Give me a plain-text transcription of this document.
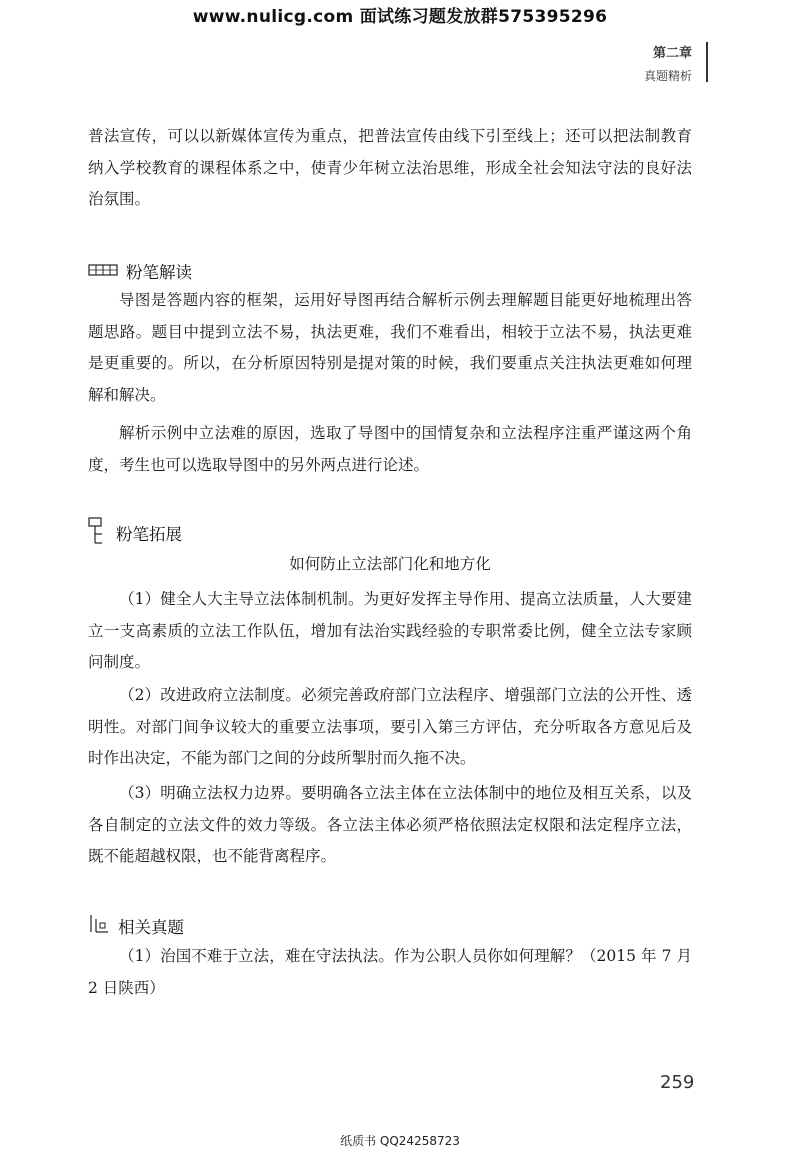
www.nulicg.com 面试练习题发放群575395296
第二章
真题精析
普法宣传，可以以新媒体宣传为重点，把普法宣传由线下引至线上；还可以把法制教育纳入学校教育的课程体系之中，使青少年树立法治思维，形成全社会知法守法的良好法治氛围。
粉笔解读
导图是答题内容的框架，运用好导图再结合解析示例去理解题目能更好地梳理出答题思路。题目中提到立法不易，执法更难，我们不难看出，相较于立法不易，执法更难是更重要的。所以，在分析原因特别是提对策的时候，我们要重点关注执法更难如何理解和解决。
解析示例中立法难的原因，选取了导图中的国情复杂和立法程序注重严谨这两个角度，考生也可以选取导图中的另外两点进行论述。
粉笔拓展
如何防止立法部门化和地方化
（1）健全人大主导立法体制机制。为更好发挥主导作用、提高立法质量，人大要建立一支高素质的立法工作队伍，增加有法治实践经验的专职常委比例，健全立法专家顾问制度。
（2）改进政府立法制度。必须完善政府部门立法程序、增强部门立法的公开性、透明性。对部门间争议较大的重要立法事项，要引入第三方评估，充分听取各方意见后及时作出决定，不能为部门之间的分歧所掣肘而久拖不决。
（3）明确立法权力边界。要明确各立法主体在立法体制中的地位及相互关系，以及各自制定的立法文件的效力等级。各立法主体必须严格依照法定权限和法定程序立法，既不能超越权限，也不能背离程序。
相关真题
（1）治国不难于立法，难在守法执法。作为公职人员你如何理解？（2015 年 7 月 2 日陕西）
259
纸质书 QQ24258723
